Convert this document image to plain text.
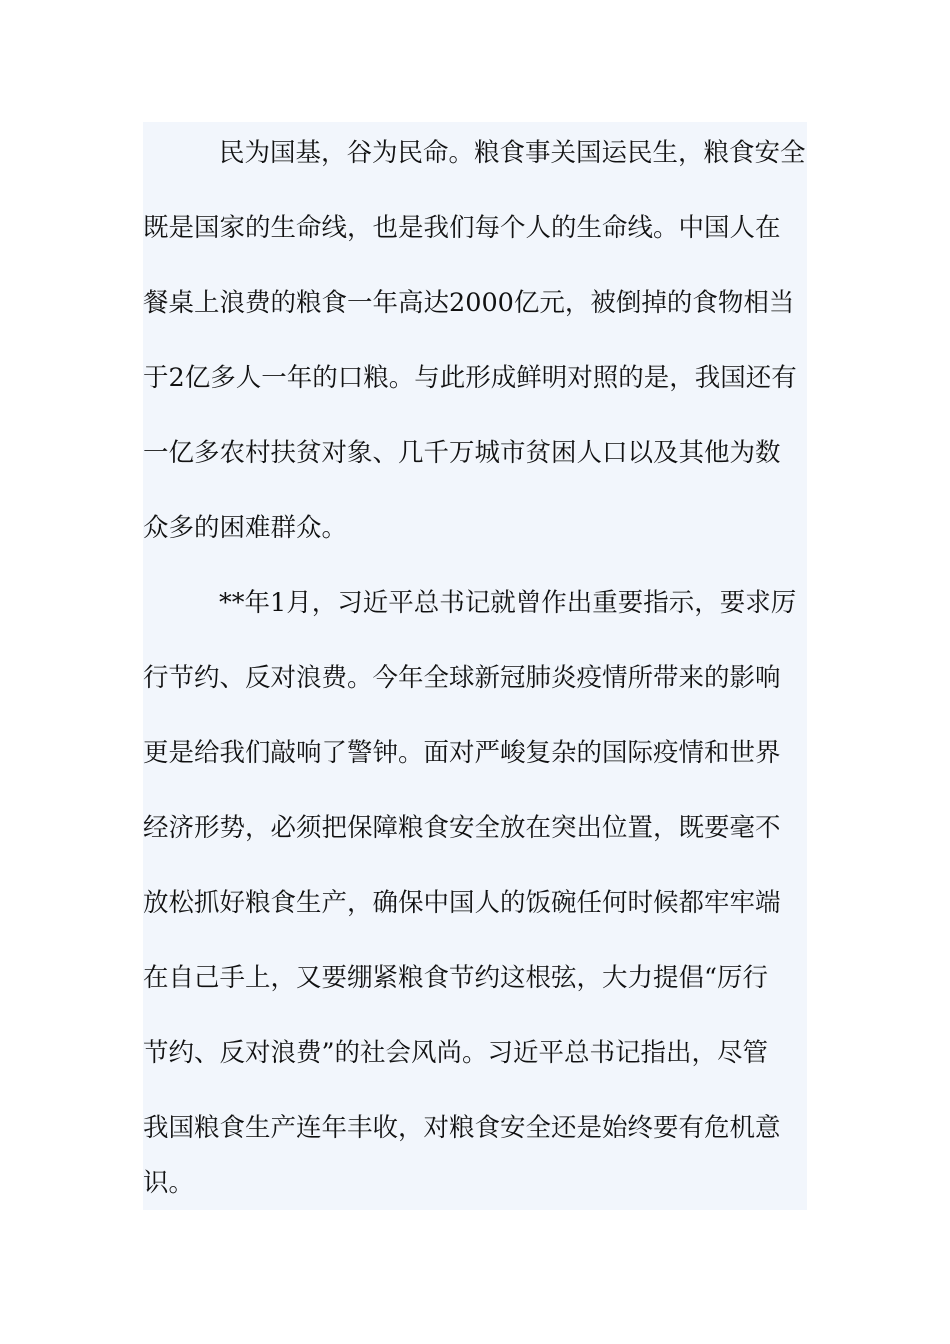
民为国基，谷为民命。粮食事关国运民生，粮食安全
既是国家的生命线，也是我们每个人的生命线。中国人在
餐桌上浪费的粮食一年高达2000亿元，被倒掉的食物相当
于2亿多人一年的口粮。与此形成鲜明对照的是，我国还有
一亿多农村扶贫对象、几千万城市贫困人口以及其他为数
众多的困难群众。
**年1月，习近平总书记就曾作出重要指示，要求厉
行节约、反对浪费。今年全球新冠肺炎疫情所带来的影响
更是给我们敲响了警钟。面对严峻复杂的国际疫情和世界
经济形势，必须把保障粮食安全放在突出位置，既要毫不
放松抓好粮食生产，确保中国人的饭碗任何时候都牢牢端
在自己手上，又要绷紧粮食节约这根弦，大力提倡“厉行
节约、反对浪费”的社会风尚。习近平总书记指出，尽管
我国粮食生产连年丰收，对粮食安全还是始终要有危机意
识。
